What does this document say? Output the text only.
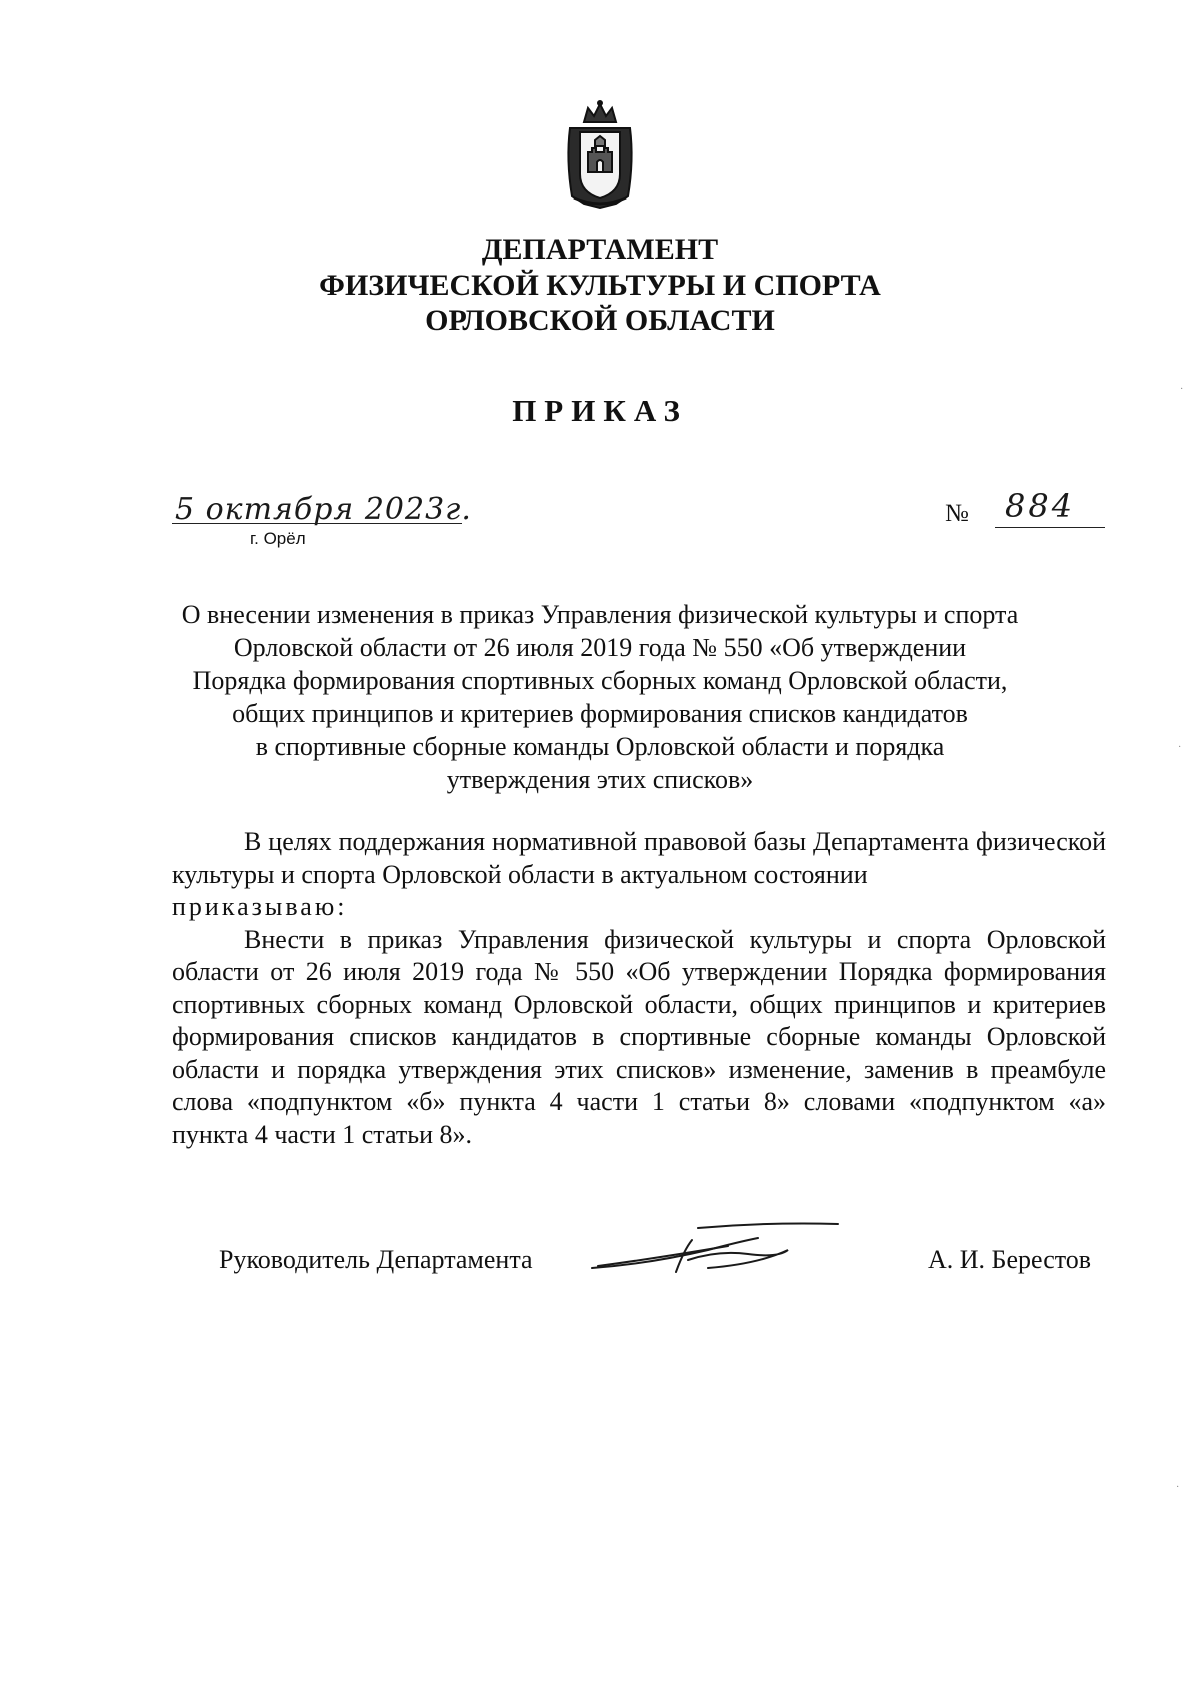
ДЕПАРТАМЕНТ
ФИЗИЧЕСКОЙ КУЛЬТУРЫ И СПОРТА
ОРЛОВСКОЙ ОБЛАСТИ
ПРИКАЗ
5 октября 2023г.
г. Орёл
№ 884
О внесении изменения в приказ Управления физической культуры и спорта
Орловской области от 26 июля 2019 года № 550 «Об утверждении
Порядка формирования спортивных сборных команд Орловской области,
общих принципов и критериев формирования списков кандидатов
в спортивные сборные команды Орловской области и порядка
утверждения этих списков»

В целях поддержания нормативной правовой базы Департамента физической культуры и спорта Орловской области в актуальном состоянии
приказываю:

Внести в приказ Управления физической культуры и спорта Орловской области от 26 июля 2019 года № 550 «Об утверждении Порядка формирования спортивных сборных команд Орловской области, общих принципов и критериев формирования списков кандидатов в спортивные сборные команды Орловской области и порядка утверждения этих списков» изменение, заменив в преамбуле слова «подпунктом «б» пункта 4 части 1 статьи 8» словами «подпунктом «а» пункта 4 части 1 статьи 8».

Руководитель Департамента	А. И. Берестов
·
·
·
